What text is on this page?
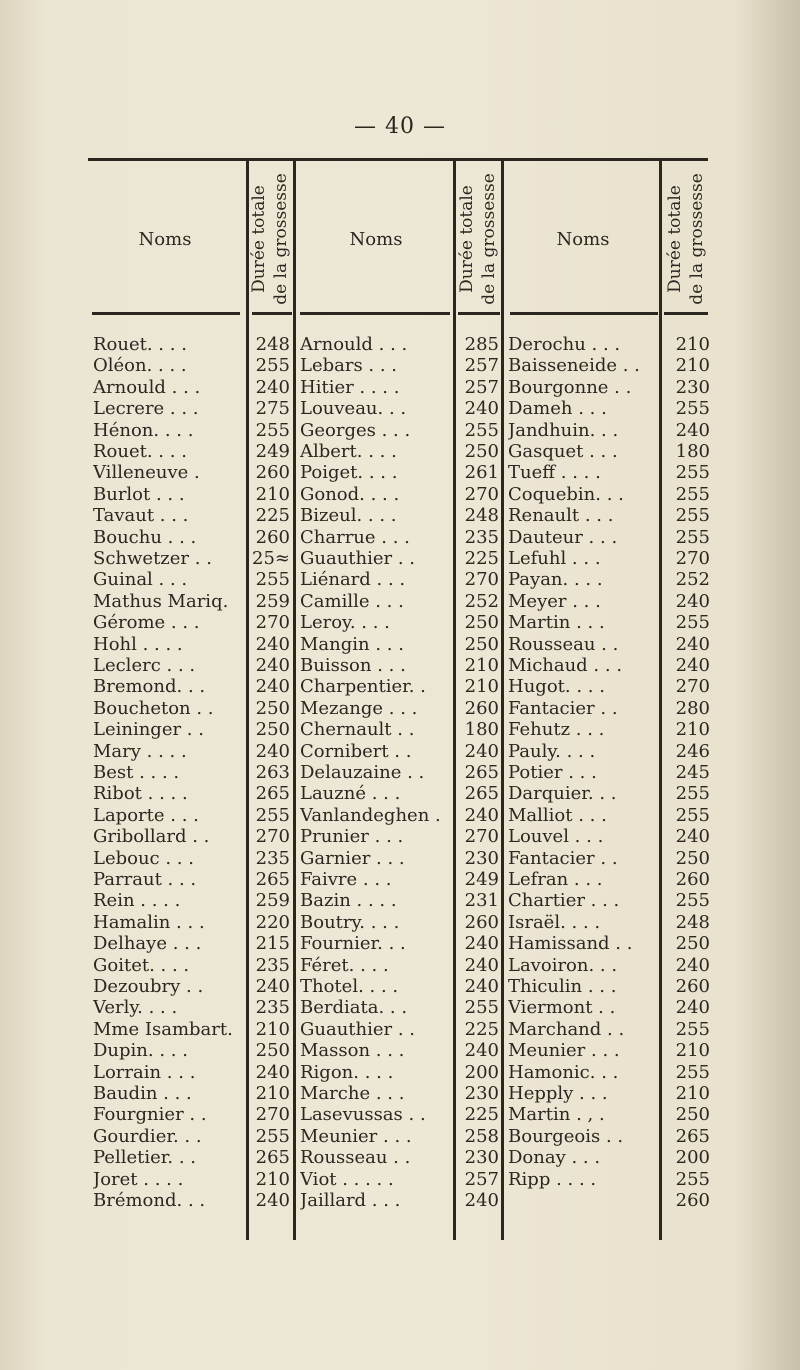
— 40 —
Noms	Durée totale de la grossesse	Noms	Durée totale de la grossesse	Noms	Durée totale de la grossesse
Rouet. . . .	248 Arnould . . .	285 Derochu . . .	210
Oléon. . . .	255 Lebars . . .	257 Baisseneide . .	210
Arnould . . .	240 Hitier . . . .	257 Bourgonne . .	230
Lecrere . . .	275 Louveau. . .	240 Dameh . . .	255
Hénon. . . .	255 Georges . . .	255 Jandhuin. . .	240
Rouet. . . .	249 Albert. . . .	250 Gasquet . . .	180
Villeneuve .	260 Poiget. . . .	261 Tueff . . . .	255
Burlot . . .	210 Gonod. . . .	270 Coquebin. . .	255
Tavaut . . .	225 Bizeul. . . .	248 Renault . . .	255
Bouchu . . .	260 Charrue . . .	235 Dauteur . . .	255
Schwetzer . .	25≈ Guauthier . .	225 Lefuhl . . .	270
Guinal . . .	255 Liénard . . .	270 Payan. . . .	252
Mathus Mariq.	259 Camille . . .	252 Meyer . . .	240
Gérome . . .	270 Leroy. . . .	250 Martin . . .	255
Hohl . . . .	240 Mangin . . .	250 Rousseau . .	240
Leclerc . . .	240 Buisson . . .	210 Michaud . . .	240
Bremond. . .	240 Charpentier. .	210 Hugot. . . .	270
Boucheton . .	250 Mezange . . .	260 Fantacier . .	280
Leininger . .	250 Chernault . .	180 Fehutz . . .	210
Mary . . . .	240 Cornibert . .	240 Pauly. . . .	246
Best . . . .	263 Delauzaine . .	265 Potier . . .	245
Ribot . . . .	265 Lauzné . . .	265 Darquier. . .	255
Laporte . . .	255 Vanlandeghen .	240 Malliot . . .	255
Gribollard . .	270 Prunier . . .	270 Louvel . . .	240
Lebouc . . .	235 Garnier . . .	230 Fantacier . .	250
Parraut . . .	265 Faivre . . .	249 Lefran . . .	260
Rein . . . .	259 Bazin . . . .	231 Chartier . . .	255
Hamalin . . .	220 Boutry. . . .	260 Israël. . . .	248
Delhaye . . .	215 Fournier. . .	240 Hamissand . .	250
Goitet. . . .	235 Féret. . . .	240 Lavoiron. . .	240
Dezoubry . .	240 Thotel. . . .	240 Thiculin . . .	260
Verly. . . .	235 Berdiata. . .	255 Viermont . .	240
Mme Isambart.	210 Guauthier . .	225 Marchand . .	255
Dupin. . . .	250 Masson . . .	240 Meunier . . .	210
Lorrain . . .	240 Rigon. . . .	200 Hamonic. . .	255
Baudin . . .	210 Marche . . .	230 Hepply . . .	210
Fourgnier . .	270 Lasevussas . .	225 Martin . , .	250
Gourdier. . .	255 Meunier . . .	258 Bourgeois . .	265
Pelletier. . .	265 Rousseau . .	230 Donay . . .	200
Joret . . . .	210 Viot . . . . .	257 Ripp . . . .	255
Brémond. . .	240 Jaillard . . .	240	260
